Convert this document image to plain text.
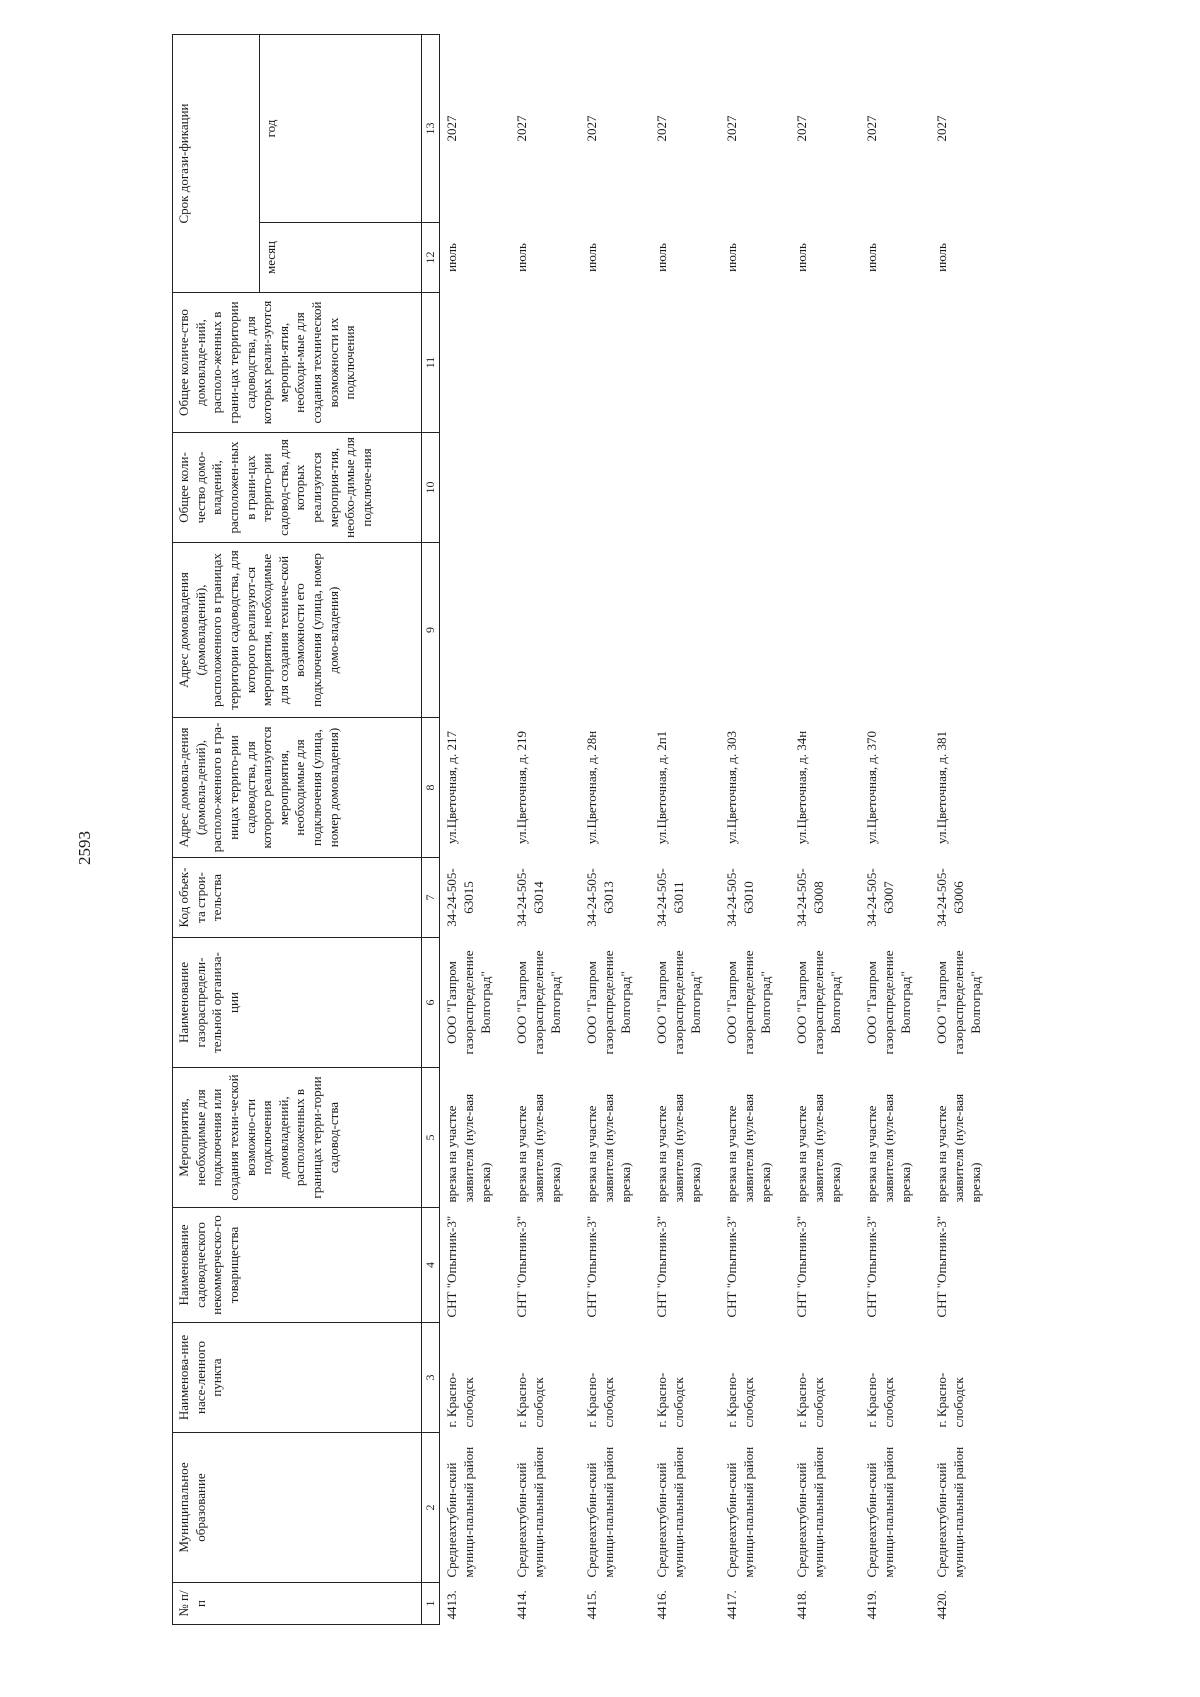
2593
№ п/п	Муниципальное образование	Наименова-ние насе-ленного пункта	Наименование садоводческого некоммерческо-го товарищества	Мероприятия, необходимые для подключения или создания техни-ческой возможно-сти подключения домовладений, расположенных в границах терри-тории садовод-ства	Наименование газораспредели-тельной организа-ции	Код объек-та строи-тельства	Адрес домовла-дения (домовла-дений), располо-женного в гра-ницах террито-рии садоводства, для которого реализуются мероприятия, необходимые для подключения (улица, номер домовладения)	Адрес домовладения (домовладений), расположенного в границах территории садоводства, для которого реализуют-ся мероприятия, необходимые для создания техниче-ской возможности его подключения (улица, номер домо-владения)	Общее коли-чество домо-владений, расположен-ных в грани-цах террито-рии садовод-ства, для которых реализуются мероприя-тия, необхо-димые для подключе-ния	Общее количе-ство домовладе-ний, располо-женных в грани-цах территории садоводства, для которых реали-зуются меропри-ятия, необходи-мые для создания технической возможности их подключения	Срок догази-фикации	
											месяц	год
1	2	3	4	5	6	7	8	9	10	11	12	13
4413.	Среднеахтубин-ский муници-пальный район	г. Красно-слободск	СНТ "Опытник-3"	врезка на участке заявителя (нуле-вая врезка)	ООО "Газпром газораспределение Волгоград"	34-24-505-63015	ул.Цветочная, д. 217				июль	2027
4414.	Среднеахтубин-ский муници-пальный район	г. Красно-слободск	СНТ "Опытник-3"	врезка на участке заявителя (нуле-вая врезка)	ООО "Газпром газораспределение Волгоград"	34-24-505-63014	ул.Цветочная, д. 219				июль	2027
4415.	Среднеахтубин-ский муници-пальный район	г. Красно-слободск	СНТ "Опытник-3"	врезка на участке заявителя (нуле-вая врезка)	ООО "Газпром газораспределение Волгоград"	34-24-505-63013	ул.Цветочная, д. 28н				июль	2027
4416.	Среднеахтубин-ский муници-пальный район	г. Красно-слободск	СНТ "Опытник-3"	врезка на участке заявителя (нуле-вая врезка)	ООО "Газпром газораспределение Волгоград"	34-24-505-63011	ул.Цветочная, д. 2п1				июль	2027
4417.	Среднеахтубин-ский муници-пальный район	г. Красно-слободск	СНТ "Опытник-3"	врезка на участке заявителя (нуле-вая врезка)	ООО "Газпром газораспределение Волгоград"	34-24-505-63010	ул.Цветочная, д. 303				июль	2027
4418.	Среднеахтубин-ский муници-пальный район	г. Красно-слободск	СНТ "Опытник-3"	врезка на участке заявителя (нуле-вая врезка)	ООО "Газпром газораспределение Волгоград"	34-24-505-63008	ул.Цветочная, д. 34н				июль	2027
4419.	Среднеахтубин-ский муници-пальный район	г. Красно-слободск	СНТ "Опытник-3"	врезка на участке заявителя (нуле-вая врезка)	ООО "Газпром газораспределение Волгоград"	34-24-505-63007	ул.Цветочная, д. 370				июль	2027
4420.	Среднеахтубин-ский муници-пальный район	г. Красно-слободск	СНТ "Опытник-3"	врезка на участке заявителя (нуле-вая врезка)	ООО "Газпром газораспределение Волгоград"	34-24-505-63006	ул.Цветочная, д. 381				июль	2027
